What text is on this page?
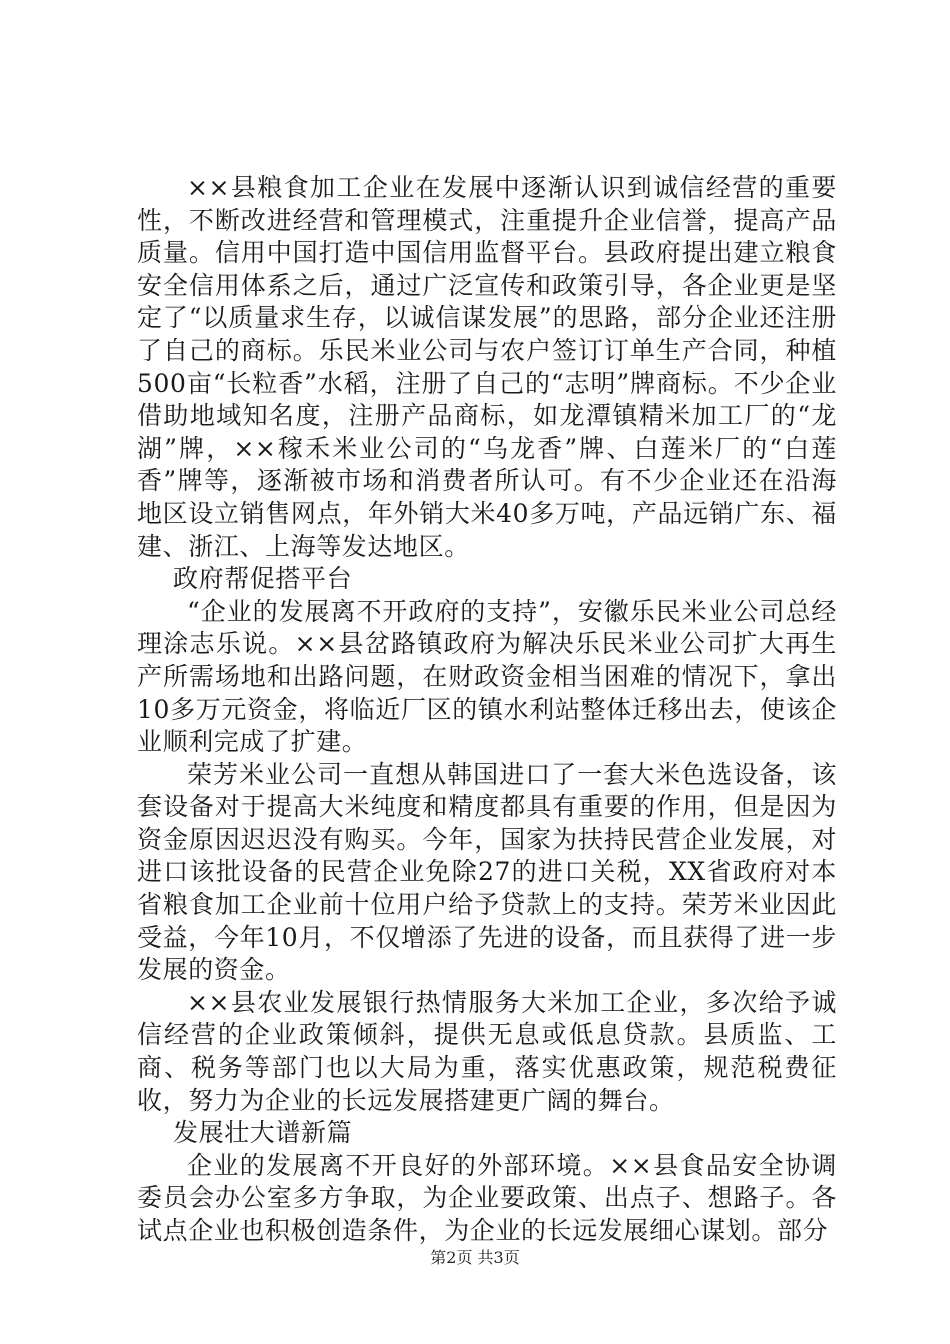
××县粮食加工企业在发展中逐渐认识到诚信经营的重要性，不断改进经营和管理模式，注重提升企业信誉，提高产品质量。信用中国打造中国信用监督平台。县政府提出建立粮食安全信用体系之后，通过广泛宣传和政策引导，各企业更是坚定了“以质量求生存，以诚信谋发展”的思路，部分企业还注册了自己的商标。乐民米业公司与农户签订订单生产合同，种植500亩“长粒香”水稻，注册了自己的“志明”牌商标。不少企业借助地域知名度，注册产品商标，如龙潭镇精米加工厂的“龙湖”牌，××稼禾米业公司的“乌龙香”牌、白莲米厂的“白莲香”牌等，逐渐被市场和消费者所认可。有不少企业还在沿海地区设立销售网点，年外销大米40多万吨，产品远销广东、福建、浙江、上海等发达地区。

政府帮促搭平台

“企业的发展离不开政府的支持”，安徽乐民米业公司总经理涂志乐说。××县岔路镇政府为解决乐民米业公司扩大再生产所需场地和出路问题，在财政资金相当困难的情况下，拿出10多万元资金，将临近厂区的镇水利站整体迁移出去，使该企业顺利完成了扩建。

荣芳米业公司一直想从韩国进口了一套大米色选设备，该套设备对于提高大米纯度和精度都具有重要的作用，但是因为资金原因迟迟没有购买。今年，国家为扶持民营企业发展，对进口该批设备的民营企业免除27的进口关税，XX省政府对本省粮食加工企业前十位用户给予贷款上的支持。荣芳米业因此受益，今年10月，不仅增添了先进的设备，而且获得了进一步发展的资金。

××县农业发展银行热情服务大米加工企业，多次给予诚信经营的企业政策倾斜，提供无息或低息贷款。县质监、工商、税务等部门也以大局为重，落实优惠政策，规范税费征收，努力为企业的长远发展搭建更广阔的舞台。

发展壮大谱新篇

企业的发展离不开良好的外部环境。××县食品安全协调委员会办公室多方争取，为企业要政策、出点子、想路子。各试点企业也积极创造条件，为企业的长远发展细心谋划。部分

第2页 共3页
